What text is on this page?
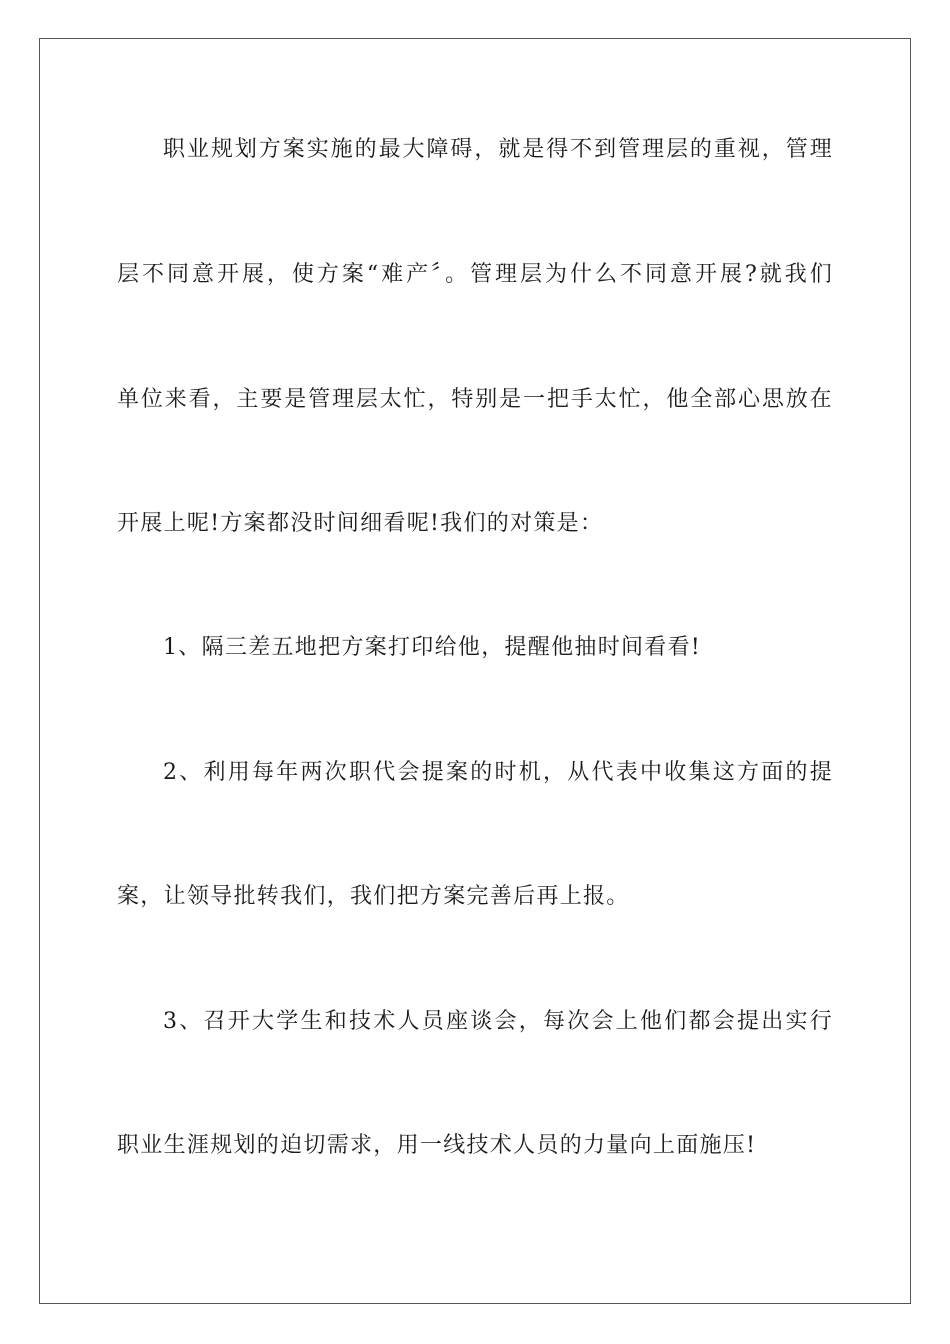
职业规划方案实施的最大障碍，就是得不到管理层的重视，管理
层不同意开展，使方案“难产〞。管理层为什么不同意开展?就我们
单位来看，主要是管理层太忙，特别是一把手太忙，他全部心思放在
开展上呢!方案都没时间细看呢!我们的对策是：
1、隔三差五地把方案打印给他，提醒他抽时间看看!
2、利用每年两次职代会提案的时机，从代表中收集这方面的提
案，让领导批转我们，我们把方案完善后再上报。
3、召开大学生和技术人员座谈会，每次会上他们都会提出实行
职业生涯规划的迫切需求，用一线技术人员的力量向上面施压!
